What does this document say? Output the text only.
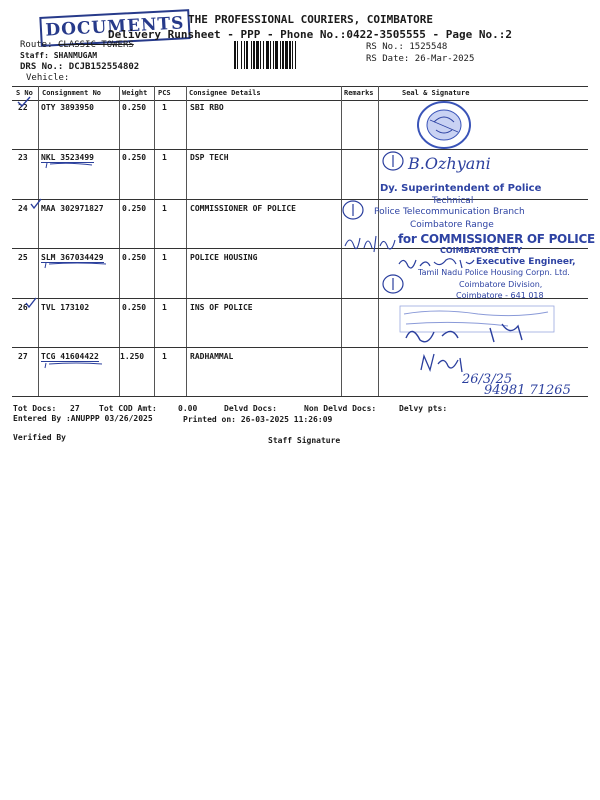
DOCUMENTS THE PROFESSIONAL COURIERS, COIMBATORE
Delivery Runsheet - PPP - Phone No.:0422-3505555 - Page No.:2
Route: CLASSIC TOWERS
Staff: SHANMUGAM
DRS No.: DCJB152554802
Vehicle:
RS No.: 1525548
RS Date: 26-Mar-2025
S No Consignment No	Weight PCS	Consignee Details	Remarks	Seal & Signature
22 OTY 3893950	0.250 1	SBI RBO
23 NKL 3523499	0.250 1	DSP TECH
24 MAA 302971827 0.250 1	COMMISSIONER OF POLICE
25 SLM 367034429 0.250 1	POLICE HOUSING
26 TVL 173102	0.250 1	INS OF POLICE
27 TCG 41604422	1.250 1	RADHAMMAL
B.Ozhyani
Dy. Superintendent of Police
Technical
Police Telecommunication Branch
Coimbatore Range
for COMMISSIONER OF POLICE
COIMBATORE CITY
Executive Engineer,
Tamil Nadu Police Housing Corpn. Ltd.
Coimbatore Division,
Coimbatore - 641 018
26/3/25
94981 71265
Tot Docs: 27 Tot COD Amt:	0.00	Delvd Docs:	Non Delvd Docs:	Delvy pts:
Entered By :ANUPPP 03/26/2025	Printed on: 26-03-2025 11:26:09
Verified By	Staff Signature
